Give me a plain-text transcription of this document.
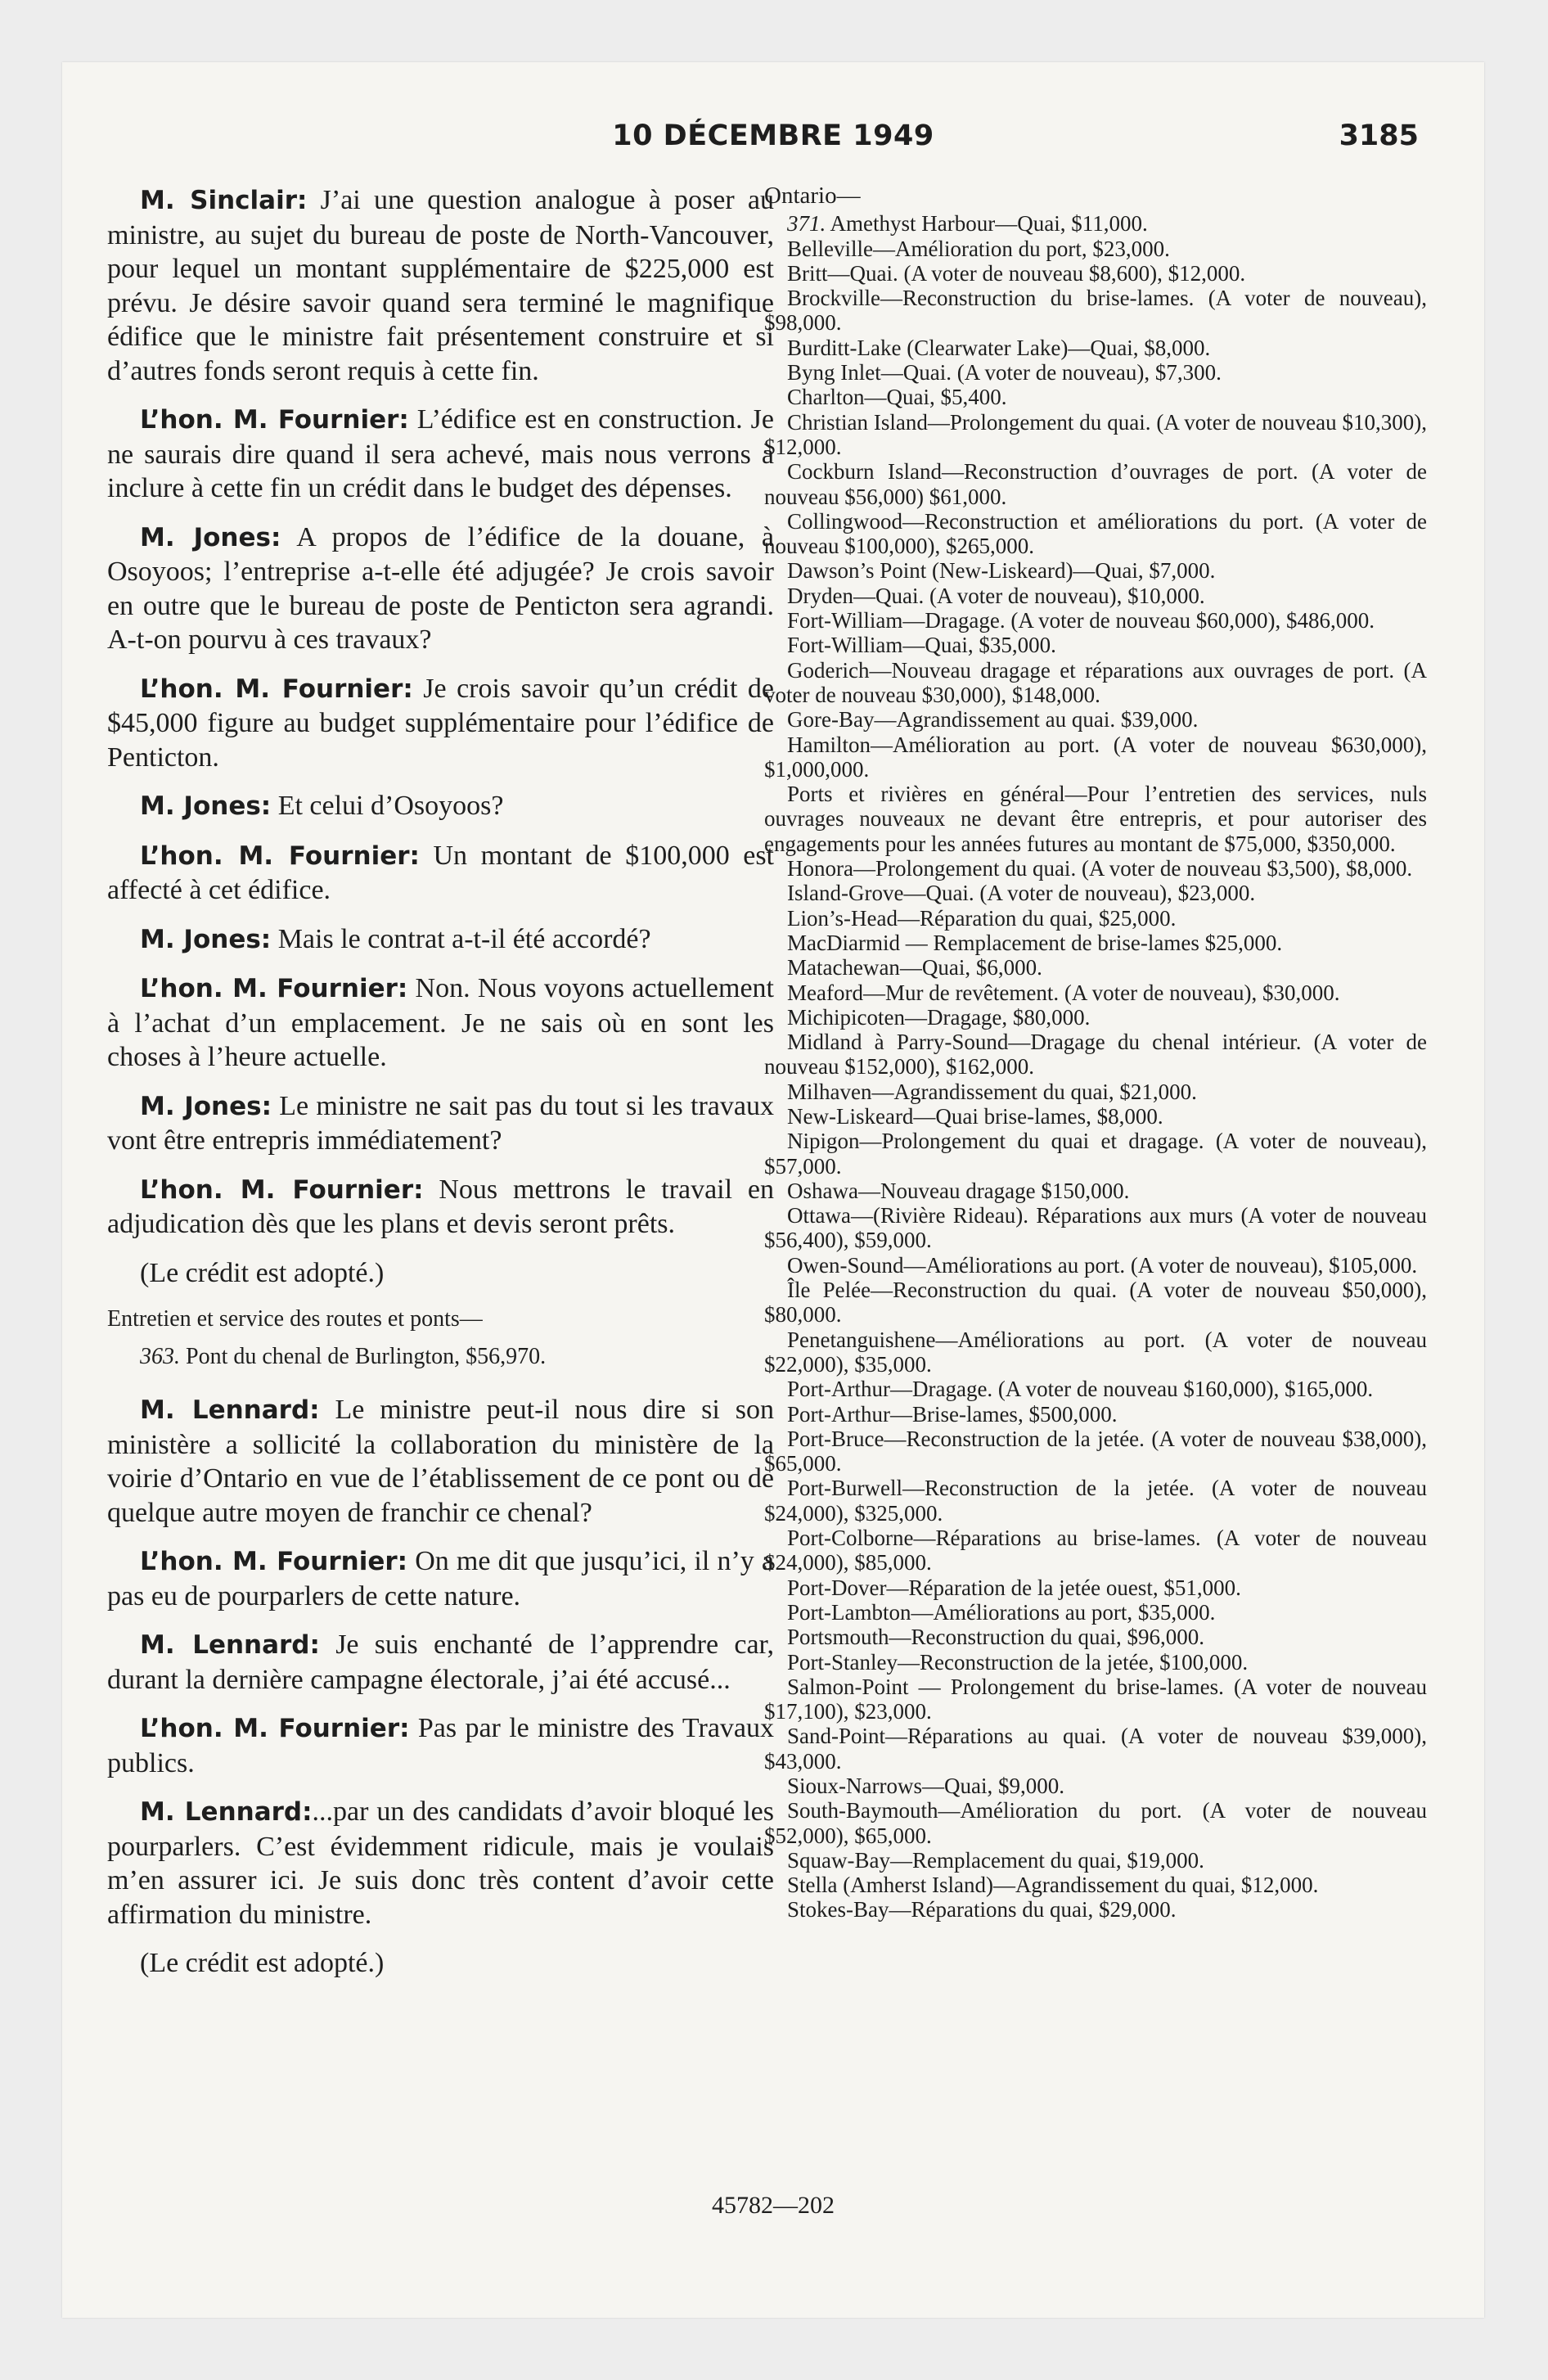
10 DÉCEMBRE 1949	3185

M. Sinclair: J’ai une question analogue à poser au ministre, au sujet du bureau de poste de North-Vancouver, pour lequel un montant supplémentaire de $225,000 est prévu. Je désire savoir quand sera terminé le magnifique édifice que le ministre fait présentement construire et si d’autres fonds seront requis à cette fin.

L’hon. M. Fournier: L’édifice est en construction. Je ne saurais dire quand il sera achevé, mais nous verrons à inclure à cette fin un crédit dans le budget des dépenses.

M. Jones: A propos de l’édifice de la douane, à Osoyoos; l’entreprise a-t-elle été adjugée? Je crois savoir en outre que le bureau de poste de Penticton sera agrandi. A-t-on pourvu à ces travaux?

L’hon. M. Fournier: Je crois savoir qu’un crédit de $45,000 figure au budget supplémentaire pour l’édifice de Penticton.

M. Jones: Et celui d’Osoyoos?

L’hon. M. Fournier: Un montant de $100,000 est affecté à cet édifice.

M. Jones: Mais le contrat a-t-il été accordé?

L’hon. M. Fournier: Non. Nous voyons actuellement à l’achat d’un emplacement. Je ne sais où en sont les choses à l’heure actuelle.

M. Jones: Le ministre ne sait pas du tout si les travaux vont être entrepris immédiatement?

L’hon. M. Fournier: Nous mettrons le travail en adjudication dès que les plans et devis seront prêts.

(Le crédit est adopté.)

Entretien et service des routes et ponts—

363. Pont du chenal de Burlington, $56,970.

M. Lennard: Le ministre peut-il nous dire si son ministère a sollicité la collaboration du ministère de la voirie d’Ontario en vue de l’établissement de ce pont ou de quelque autre moyen de franchir ce chenal?

L’hon. M. Fournier: On me dit que jusqu’ici, il n’y a pas eu de pourparlers de cette nature.

M. Lennard: Je suis enchanté de l’apprendre car, durant la dernière campagne électorale, j’ai été accusé...

L’hon. M. Fournier: Pas par le ministre des Travaux publics.

M. Lennard:...par un des candidats d’avoir bloqué les pourparlers. C’est évidemment ridicule, mais je voulais m’en assurer ici. Je suis donc très content d’avoir cette affirmation du ministre.

(Le crédit est adopté.)

Ontario—

371. Amethyst Harbour—Quai, $11,000.

Belleville—Amélioration du port, $23,000.

Britt—Quai. (A voter de nouveau $8,600), $12,000.

Brockville—Reconstruction du brise-lames. (A voter de nouveau), $98,000.

Burditt-Lake (Clearwater Lake)—Quai, $8,000.

Byng Inlet—Quai. (A voter de nouveau), $7,300.

Charlton—Quai, $5,400.

Christian Island—Prolongement du quai. (A voter de nouveau $10,300), $12,000.

Cockburn Island—Reconstruction d’ouvrages de port. (A voter de nouveau $56,000) $61,000.

Collingwood—Reconstruction et améliorations du port. (A voter de nouveau $100,000), $265,000.

Dawson’s Point (New-Liskeard)—Quai, $7,000.

Dryden—Quai. (A voter de nouveau), $10,000.

Fort-William—Dragage. (A voter de nouveau $60,000), $486,000.

Fort-William—Quai, $35,000.

Goderich—Nouveau dragage et réparations aux ouvrages de port. (A voter de nouveau $30,000), $148,000.

Gore-Bay—Agrandissement au quai. $39,000.

Hamilton—Amélioration au port. (A voter de nouveau $630,000), $1,000,000.

Ports et rivières en général—Pour l’entretien des services, nuls ouvrages nouveaux ne devant être entrepris, et pour autoriser des engagements pour les années futures au montant de $75,000, $350,000.

Honora—Prolongement du quai. (A voter de nouveau $3,500), $8,000.

Island-Grove—Quai. (A voter de nouveau), $23,000.

Lion’s-Head—Réparation du quai, $25,000.

MacDiarmid — Remplacement de brise-lames $25,000.

Matachewan—Quai, $6,000.

Meaford—Mur de revêtement. (A voter de nouveau), $30,000.

Michipicoten—Dragage, $80,000.

Midland à Parry-Sound—Dragage du chenal intérieur. (A voter de nouveau $152,000), $162,000.

Milhaven—Agrandissement du quai, $21,000.

New-Liskeard—Quai brise-lames, $8,000.

Nipigon—Prolongement du quai et dragage. (A voter de nouveau), $57,000.

Oshawa—Nouveau dragage $150,000.

Ottawa—(Rivière Rideau). Réparations aux murs (A voter de nouveau $56,400), $59,000.

Owen-Sound—Améliorations au port. (A voter de nouveau), $105,000.

Île Pelée—Reconstruction du quai. (A voter de nouveau $50,000), $80,000.

Penetanguishene—Améliorations au port. (A voter de nouveau $22,000), $35,000.

Port-Arthur—Dragage. (A voter de nouveau $160,000), $165,000.

Port-Arthur—Brise-lames, $500,000.

Port-Bruce—Reconstruction de la jetée. (A voter de nouveau $38,000), $65,000.

Port-Burwell—Reconstruction de la jetée. (A voter de nouveau $24,000), $325,000.

Port-Colborne—Réparations au brise-lames. (A voter de nouveau $24,000), $85,000.

Port-Dover—Réparation de la jetée ouest, $51,000.

Port-Lambton—Améliorations au port, $35,000.

Portsmouth—Reconstruction du quai, $96,000.

Port-Stanley—Reconstruction de la jetée, $100,000.

Salmon-Point — Prolongement du brise-lames. (A voter de nouveau $17,100), $23,000.

Sand-Point—Réparations au quai. (A voter de nouveau $39,000), $43,000.

Sioux-Narrows—Quai, $9,000.

South-Baymouth—Amélioration du port. (A voter de nouveau $52,000), $65,000.

Squaw-Bay—Remplacement du quai, $19,000.

Stella (Amherst Island)—Agrandissement du quai, $12,000.

Stokes-Bay—Réparations du quai, $29,000.

45782—202
